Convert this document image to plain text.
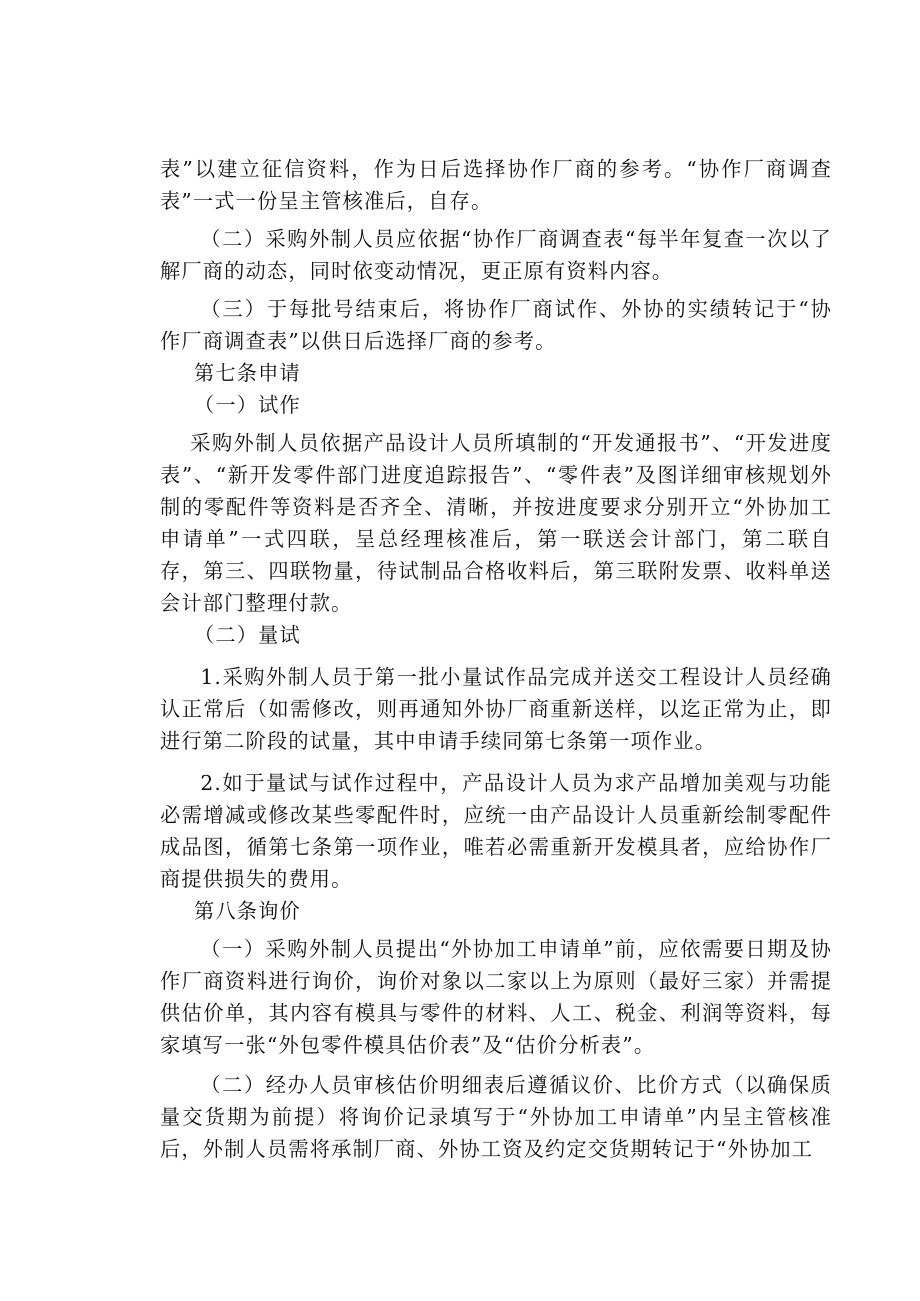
表”以建立征信资料，作为日后选择协作厂商的参考。“协作厂商调查表”一式一份呈主管核准后，自存。

（二）采购外制人员应依据“协作厂商调查表“每半年复查一次以了解厂商的动态，同时依变动情况，更正原有资料内容。

（三）于每批号结束后，将协作厂商试作、外协的实绩转记于“协作厂商调查表”以供日后选择厂商的参考。

第七条申请

（一）试作

采购外制人员依据产品设计人员所填制的“开发通报书”、“开发进度表”、“新开发零件部门进度追踪报告”、“零件表”及图详细审核规划外制的零配件等资料是否齐全、清晰，并按进度要求分别开立“外协加工申请单”一式四联，呈总经理核准后，第一联送会计部门，第二联自存，第三、四联物量，待试制品合格收料后，第三联附发票、收料单送会计部门整理付款。

（二）量试

1.采购外制人员于第一批小量试作品完成并送交工程设计人员经确认正常后（如需修改，则再通知外协厂商重新送样，以迄正常为止，即进行第二阶段的试量，其中申请手续同第七条第一项作业。

2.如于量试与试作过程中，产品设计人员为求产品增加美观与功能必需增减或修改某些零配件时，应统一由产品设计人员重新绘制零配件成品图，循第七条第一项作业，唯若必需重新开发模具者，应给协作厂商提供损失的费用。

第八条询价

（一）采购外制人员提出“外协加工申请单”前，应依需要日期及协作厂商资料进行询价，询价对象以二家以上为原则（最好三家）并需提供估价单，其内容有模具与零件的材料、人工、税金、利润等资料，每家填写一张“外包零件模具估价表”及“估价分析表”。

（二）经办人员审核估价明细表后遵循议价、比价方式（以确保质量交货期为前提）将询价记录填写于“外协加工申请单”内呈主管核准后，外制人员需将承制厂商、外协工资及约定交货期转记于“外协加工
